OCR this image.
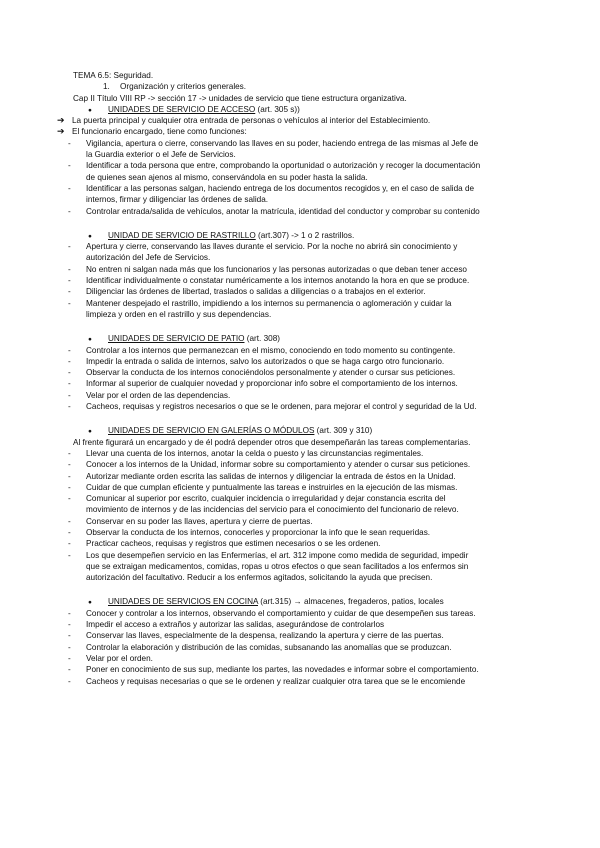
TEMA 6.5: Seguridad.
1. Organización y criterios generales.
Cap II Título VIII RP -> sección 17 -> unidades de servicio que tiene estructura organizativa.
● UNIDADES DE SERVICIO DE ACCESO (art. 305 s))
➔ La puerta principal y cualquier otra entrada de personas o vehículos al interior del Establecimiento.
➔ El funcionario encargado, tiene como funciones:
- Vigilancia, apertura o cierre, conservando las llaves en su poder, haciendo entrega de las mismas al Jefe de
la Guardia exterior o el Jefe de Servicios.
- Identificar a toda persona que entre, comprobando la oportunidad o autorización y recoger la documentación
de quienes sean ajenos al mismo, conservándola en su poder hasta la salida.
- Identificar a las personas salgan, haciendo entrega de los documentos recogidos y, en el caso de salida de
internos, firmar y diligenciar las órdenes de salida.
- Controlar entrada/salida de vehículos, anotar la matrícula, identidad del conductor y comprobar su contenido
● UNIDAD DE SERVICIO DE RASTRILLO (art.307) -> 1 o 2 rastrillos.
- Apertura y cierre, conservando las llaves durante el servicio. Por la noche no abrirá sin conocimiento y
autorización del Jefe de Servicios.
- No entren ni salgan nada más que los funcionarios y las personas autorizadas o que deban tener acceso
- Identificar individualmente o constatar numéricamente a los internos anotando la hora en que se produce.
- Diligenciar las órdenes de libertad, traslados o salidas a diligencias o a trabajos en el exterior.
- Mantener despejado el rastrillo, impidiendo a los internos su permanencia o aglomeración y cuidar la
limpieza y orden en el rastrillo y sus dependencias.
● UNIDADES DE SERVICIO DE PATIO (art. 308)
- Controlar a los internos que permanezcan en el mismo, conociendo en todo momento su contingente.
- Impedir la entrada o salida de internos, salvo los autorizados o que se haga cargo otro funcionario.
- Observar la conducta de los internos conociéndolos personalmente y atender o cursar sus peticiones.
- Informar al superior de cualquier novedad y proporcionar info sobre el comportamiento de los internos.
- Velar por el orden de las dependencias.
- Cacheos, requisas y registros necesarios o que se le ordenen, para mejorar el control y seguridad de la Ud.
● UNIDADES DE SERVICIO EN GALERÍAS O MÓDULOS (art. 309 y 310)
Al frente figurará un encargado y de él podrá depender otros que desempeñarán las tareas complementarias.
- Llevar una cuenta de los internos, anotar la celda o puesto y las circunstancias regimentales.
- Conocer a los internos de la Unidad, informar sobre su comportamiento y atender o cursar sus peticiones.
- Autorizar mediante orden escrita las salidas de internos y diligenciar la entrada de éstos en la Unidad.
- Cuidar de que cumplan eficiente y puntualmente las tareas e instruirles en la ejecución de las mismas.
- Comunicar al superior por escrito, cualquier incidencia o irregularidad y dejar constancia escrita del
movimiento de internos y de las incidencias del servicio para el conocimiento del funcionario de relevo.
- Conservar en su poder las llaves, apertura y cierre de puertas.
- Observar la conducta de los internos, conocerles y proporcionar la info que le sean requeridas.
- Practicar cacheos, requisas y registros que estimen necesarios o se les ordenen.
- Los que desempeñen servicio en las Enfermerías, el art. 312 impone como medida de seguridad, impedir
que se extraigan medicamentos, comidas, ropas u otros efectos o que sean facilitados a los enfermos sin
autorización del facultativo. Reducir a los enfermos agitados, solicitando la ayuda que precisen.
● UNIDADES DE SERVICIOS EN COCINA (art.315) → almacenes, fregaderos, patios, locales
- Conocer y controlar a los internos, observando el comportamiento y cuidar de que desempeñen sus tareas.
- Impedir el acceso a extraños y autorizar las salidas, asegurándose de controlarlos
- Conservar las llaves, especialmente de la despensa, realizando la apertura y cierre de las puertas.
- Controlar la elaboración y distribución de las comidas, subsanando las anomalías que se produzcan.
- Velar por el orden.
- Poner en conocimiento de sus sup, mediante los partes, las novedades e informar sobre el comportamiento.
- Cacheos y requisas necesarias o que se le ordenen y realizar cualquier otra tarea que se le encomiende
